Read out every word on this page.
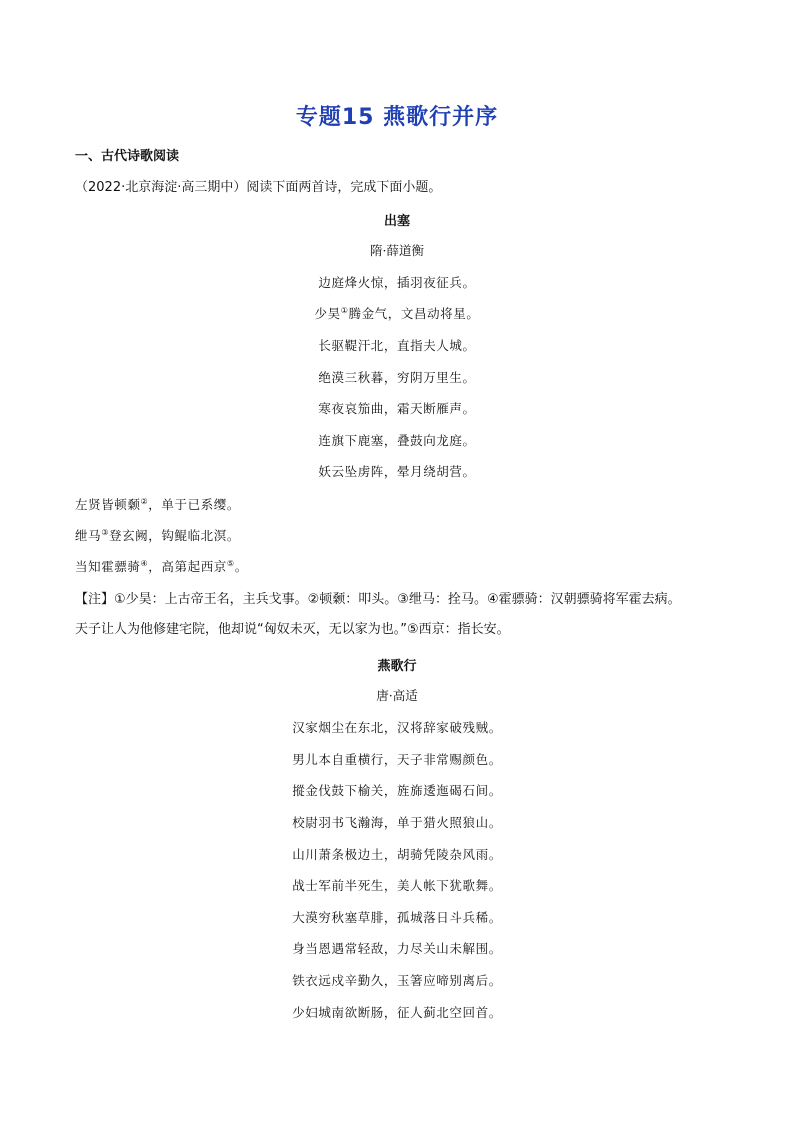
专题15 燕歌行并序
一、古代诗歌阅读
（2022·北京海淀·高三期中）阅读下面两首诗，完成下面小题。
出塞
隋·薛道衡
边庭烽火惊，插羽夜征兵。
少昊①腾金气，文昌动将星。
长驱鞮汗北，直指夫人城。
绝漠三秋暮，穷阴万里生。
寒夜哀笳曲，霜天断雁声。
连旗下鹿塞，叠鼓向龙庭。
妖云坠虏阵，晕月绕胡营。
左贤皆顿颡②，单于已系缨。
绁马③登玄阙，钩鲲临北溟。
当知霍骠骑④，高第起西京⑤。
【注】①少昊：上古帝王名，主兵戈事。②顿颡：叩头。③绁马：拴马。④霍骠骑：汉朝骠骑将军霍去病。
天子让人为他修建宅院，他却说“匈奴未灭，无以家为也。”⑤西京：指长安。
燕歌行
唐·高适
汉家烟尘在东北，汉将辞家破残贼。
男儿本自重横行，天子非常赐颜色。
摐金伐鼓下榆关，旌旆逶迤碣石间。
校尉羽书飞瀚海，单于猎火照狼山。
山川萧条极边土，胡骑凭陵杂风雨。
战士军前半死生，美人帐下犹歌舞。
大漠穷秋塞草腓，孤城落日斗兵稀。
身当恩遇常轻敌，力尽关山未解围。
铁衣远戍辛勤久，玉箸应啼别离后。
少妇城南欲断肠，征人蓟北空回首。
